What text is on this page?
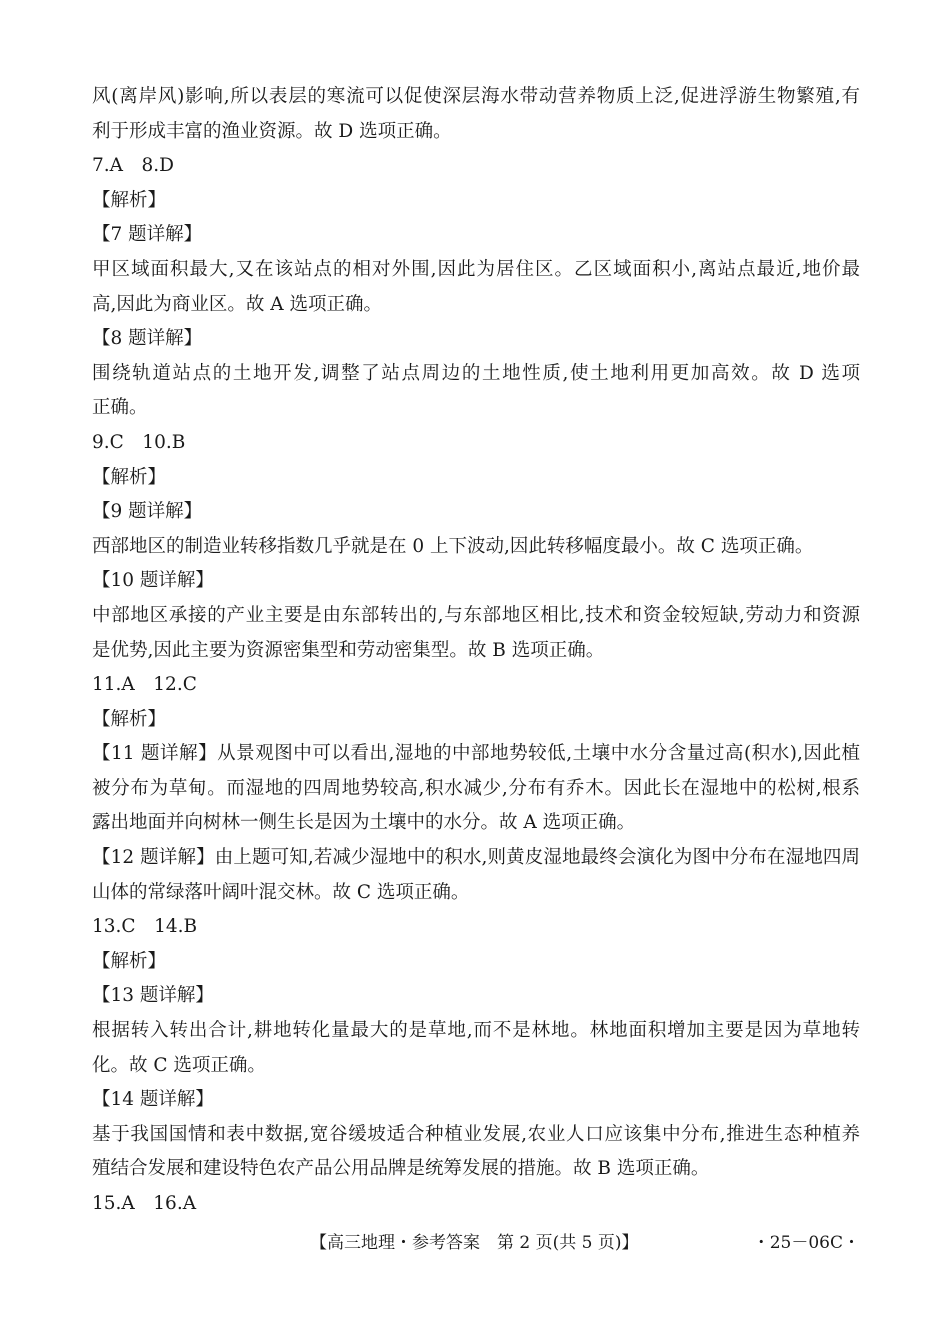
风(离岸风)影响,所以表层的寒流可以促使深层海水带动营养物质上泛,促进浮游生物繁殖,有
利于形成丰富的渔业资源。故 D 选项正确。
7.A　8.D
【解析】
【7 题详解】
甲区域面积最大,又在该站点的相对外围,因此为居住区。乙区域面积小,离站点最近,地价最
高,因此为商业区。故 A 选项正确。
【8 题详解】
围绕轨道站点的土地开发,调整了站点周边的土地性质,使土地利用更加高效。故 D 选项
正确。
9.C　10.B
【解析】
【9 题详解】
西部地区的制造业转移指数几乎就是在 0 上下波动,因此转移幅度最小。故 C 选项正确。
【10 题详解】
中部地区承接的产业主要是由东部转出的,与东部地区相比,技术和资金较短缺,劳动力和资源
是优势,因此主要为资源密集型和劳动密集型。故 B 选项正确。
11.A　12.C
【解析】
【11 题详解】从景观图中可以看出,湿地的中部地势较低,土壤中水分含量过高(积水),因此植
被分布为草甸。而湿地的四周地势较高,积水减少,分布有乔木。因此长在湿地中的松树,根系
露出地面并向树林一侧生长是因为土壤中的水分。故 A 选项正确。
【12 题详解】由上题可知,若减少湿地中的积水,则黄皮湿地最终会演化为图中分布在湿地四周
山体的常绿落叶阔叶混交林。故 C 选项正确。
13.C　14.B
【解析】
【13 题详解】
根据转入转出合计,耕地转化量最大的是草地,而不是林地。林地面积增加主要是因为草地转
化。故 C 选项正确。
【14 题详解】
基于我国国情和表中数据,宽谷缓坡适合种植业发展,农业人口应该集中分布,推进生态种植养
殖结合发展和建设特色农产品公用品牌是统筹发展的措施。故 B 选项正确。
15.A　16.A
【高三地理・参考答案　第 2 页(共 5 页)】	・25－06C・
